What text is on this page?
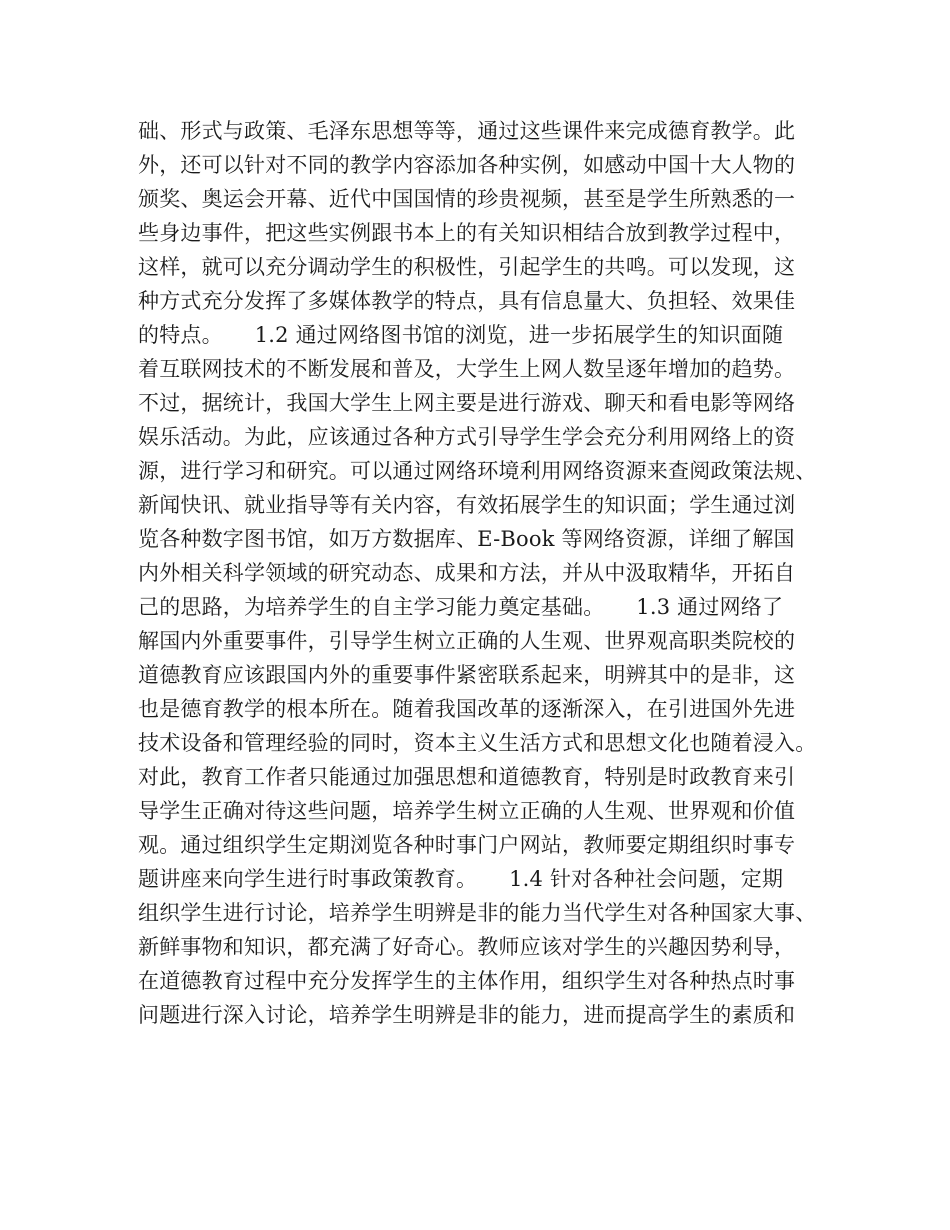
础、形式与政策、毛泽东思想等等，通过这些课件来完成德育教学。此
外，还可以针对不同的教学内容添加各种实例，如感动中国十大人物的
颁奖、奥运会开幕、近代中国国情的珍贵视频，甚至是学生所熟悉的一
些身边事件，把这些实例跟书本上的有关知识相结合放到教学过程中，
这样，就可以充分调动学生的积极性，引起学生的共鸣。可以发现，这
种方式充分发挥了多媒体教学的特点，具有信息量大、负担轻、效果佳
的特点。　　1.2 通过网络图书馆的浏览，进一步拓展学生的知识面随
着互联网技术的不断发展和普及，大学生上网人数呈逐年增加的趋势。
不过，据统计，我国大学生上网主要是进行游戏、聊天和看电影等网络
娱乐活动。为此，应该通过各种方式引导学生学会充分利用网络上的资
源，进行学习和研究。可以通过网络环境利用网络资源来查阅政策法规、
新闻快讯、就业指导等有关内容，有效拓展学生的知识面；学生通过浏
览各种数字图书馆，如万方数据库、E-Book 等网络资源，详细了解国
内外相关科学领域的研究动态、成果和方法，并从中汲取精华，开拓自
己的思路，为培养学生的自主学习能力奠定基础。　　1.3 通过网络了
解国内外重要事件，引导学生树立正确的人生观、世界观高职类院校的
道德教育应该跟国内外的重要事件紧密联系起来，明辨其中的是非，这
也是德育教学的根本所在。随着我国改革的逐渐深入，在引进国外先进
技术设备和管理经验的同时，资本主义生活方式和思想文化也随着浸入。
对此，教育工作者只能通过加强思想和道德教育，特别是时政教育来引
导学生正确对待这些问题，培养学生树立正确的人生观、世界观和价值
观。通过组织学生定期浏览各种时事门户网站，教师要定期组织时事专
题讲座来向学生进行时事政策教育。　　1.4 针对各种社会问题，定期
组织学生进行讨论，培养学生明辨是非的能力当代学生对各种国家大事、
新鲜事物和知识，都充满了好奇心。教师应该对学生的兴趣因势利导，
在道德教育过程中充分发挥学生的主体作用，组织学生对各种热点时事
问题进行深入讨论，培养学生明辨是非的能力，进而提高学生的素质和
